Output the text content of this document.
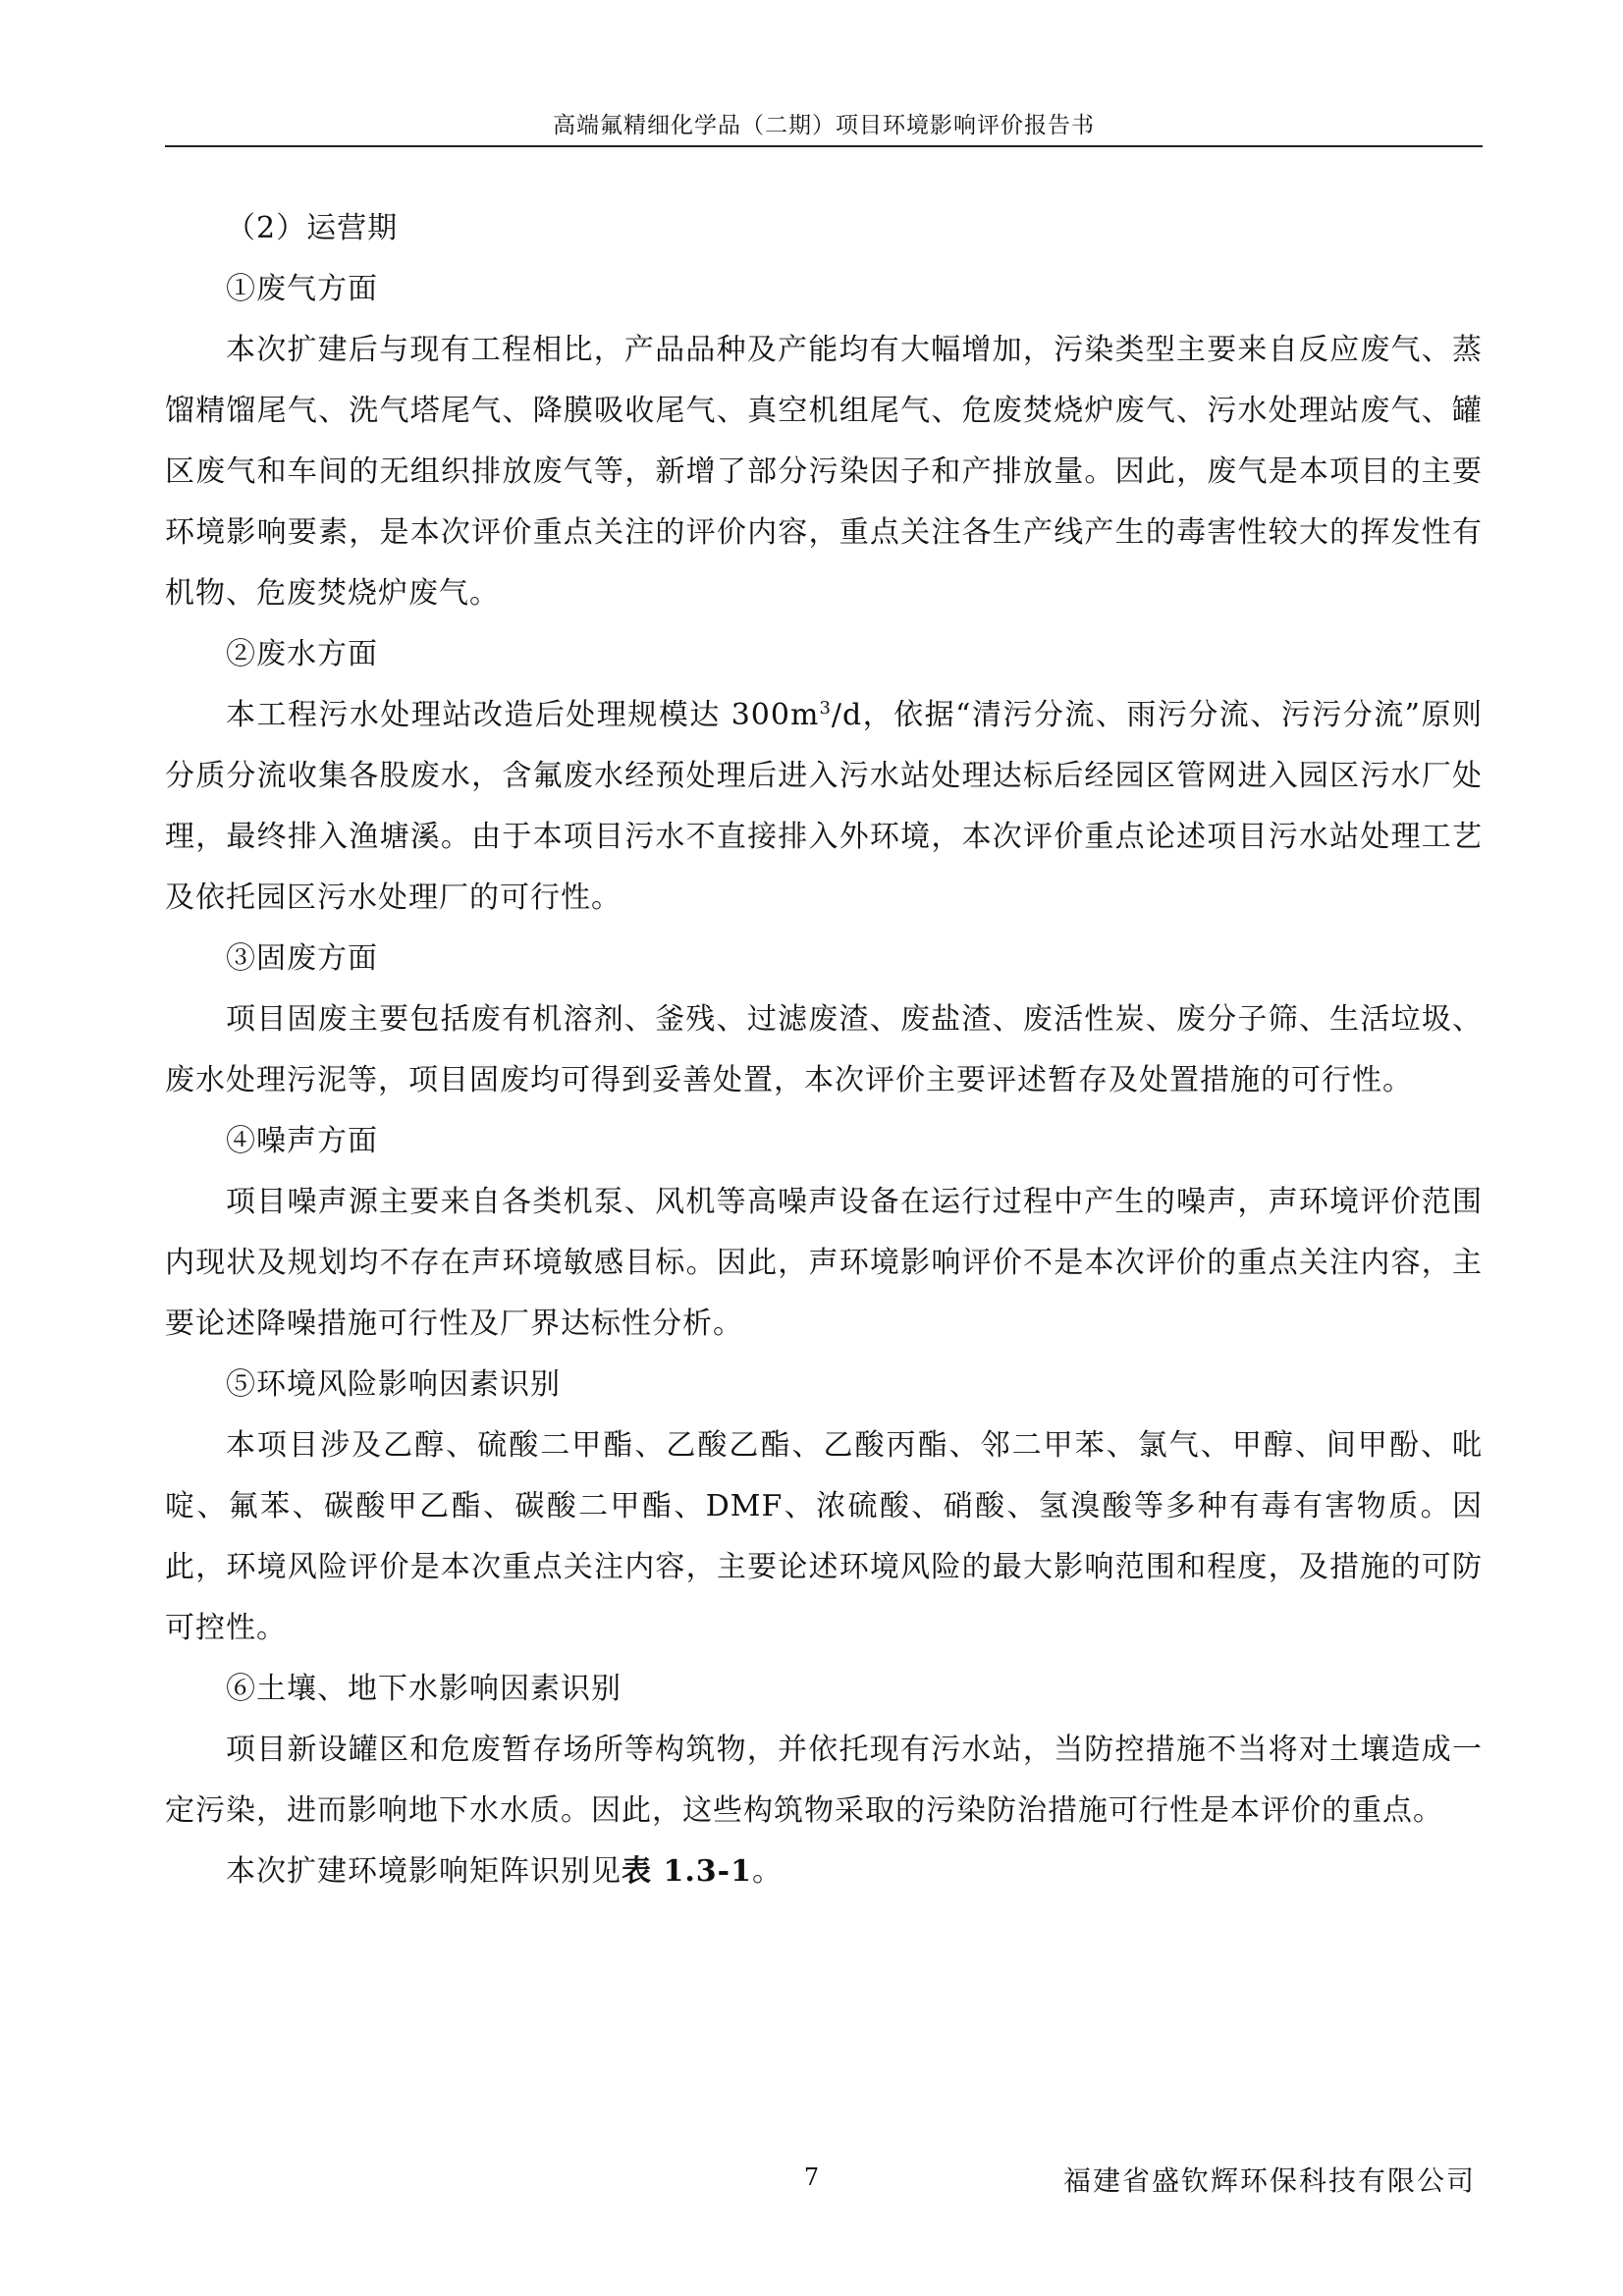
高端氟精细化学品（二期）项目环境影响评价报告书

（2）运营期

①废气方面

本次扩建后与现有工程相比，产品品种及产能均有大幅增加，污染类型主要来自反应废气、蒸馏精馏尾气、洗气塔尾气、降膜吸收尾气、真空机组尾气、危废焚烧炉废气、污水处理站废气、罐区废气和车间的无组织排放废气等，新增了部分污染因子和产排放量。因此，废气是本项目的主要环境影响要素，是本次评价重点关注的评价内容，重点关注各生产线产生的毒害性较大的挥发性有机物、危废焚烧炉废气。

②废水方面

本工程污水处理站改造后处理规模达 $300m^3/d$，依据“清污分流、雨污分流、污污分流”原则分质分流收集各股废水，含氟废水经预处理后进入污水站处理达标后经园区管网进入园区污水厂处理，最终排入渔塘溪。由于本项目污水不直接排入外环境，本次评价重点论述项目污水站处理工艺及依托园区污水处理厂的可行性。

③固废方面

项目固废主要包括废有机溶剂、釜残、过滤废渣、废盐渣、废活性炭、废分子筛、生活垃圾、废水处理污泥等，项目固废均可得到妥善处置，本次评价主要评述暂存及处置措施的可行性。

④噪声方面

项目噪声源主要来自各类机泵、风机等高噪声设备在运行过程中产生的噪声，声环境评价范围内现状及规划均不存在声环境敏感目标。因此，声环境影响评价不是本次评价的重点关注内容，主要论述降噪措施可行性及厂界达标性分析。

⑤环境风险影响因素识别

本项目涉及乙醇、硫酸二甲酯、乙酸乙酯、乙酸丙酯、邻二甲苯、氯气、甲醇、间甲酚、吡啶、氟苯、碳酸甲乙酯、碳酸二甲酯、DMF、浓硫酸、硝酸、氢溴酸等多种有毒有害物质。因此，环境风险评价是本次重点关注内容，主要论述环境风险的最大影响范围和程度，及措施的可防可控性。

⑥土壤、地下水影响因素识别

项目新设罐区和危废暂存场所等构筑物，并依托现有污水站，当防控措施不当将对土壤造成一定污染，进而影响地下水水质。因此，这些构筑物采取的污染防治措施可行性是本评价的重点。

本次扩建环境影响矩阵识别见表 1.3-1。

7	福建省盛钦辉环保科技有限公司
